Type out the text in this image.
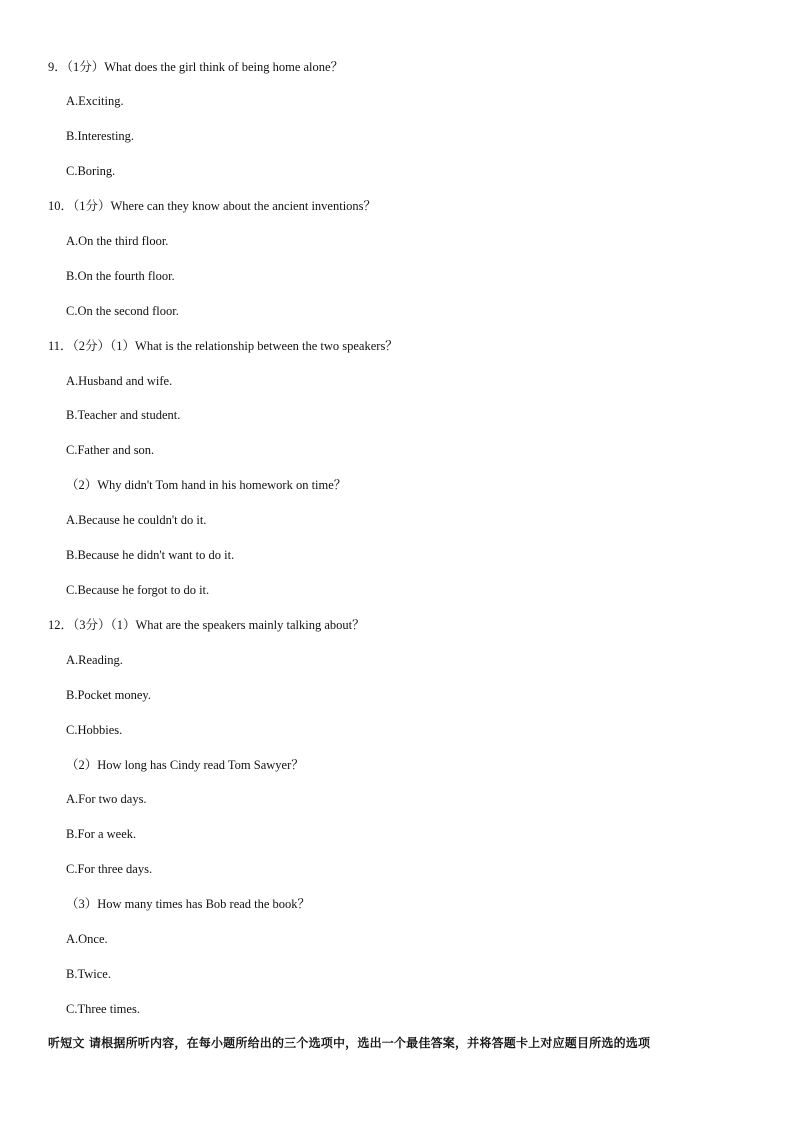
9．（1分）What does the girl think of being home alone？
A.Exciting.
B.Interesting.
C.Boring.
10．（1分）Where can they know about the ancient inventions？
A.On the third floor.
B.On the fourth floor.
C.On the second floor.
11．（2分）（1）What is the relationship between the two speakers？
A.Husband and wife.
B.Teacher and student.
C.Father and son.
（2）Why didn't Tom hand in his homework on time？
A.Because he couldn't do it.
B.Because he didn't want to do it.
C.Because he forgot to do it.
12．（3分）（1）What are the speakers mainly talking about？
A.Reading.
B.Pocket money.
C.Hobbies.
（2）How long has Cindy read Tom Sawyer？
A.For two days.
B.For a week.
C.For three days.
（3）How many times has Bob read the book？
A.Once.
B.Twice.
C.Three times.
听短文 请根据所听内容，在每小题所给出的三个选项中，选出一个最佳答案，并将答题卡上对应题目所选的选项
